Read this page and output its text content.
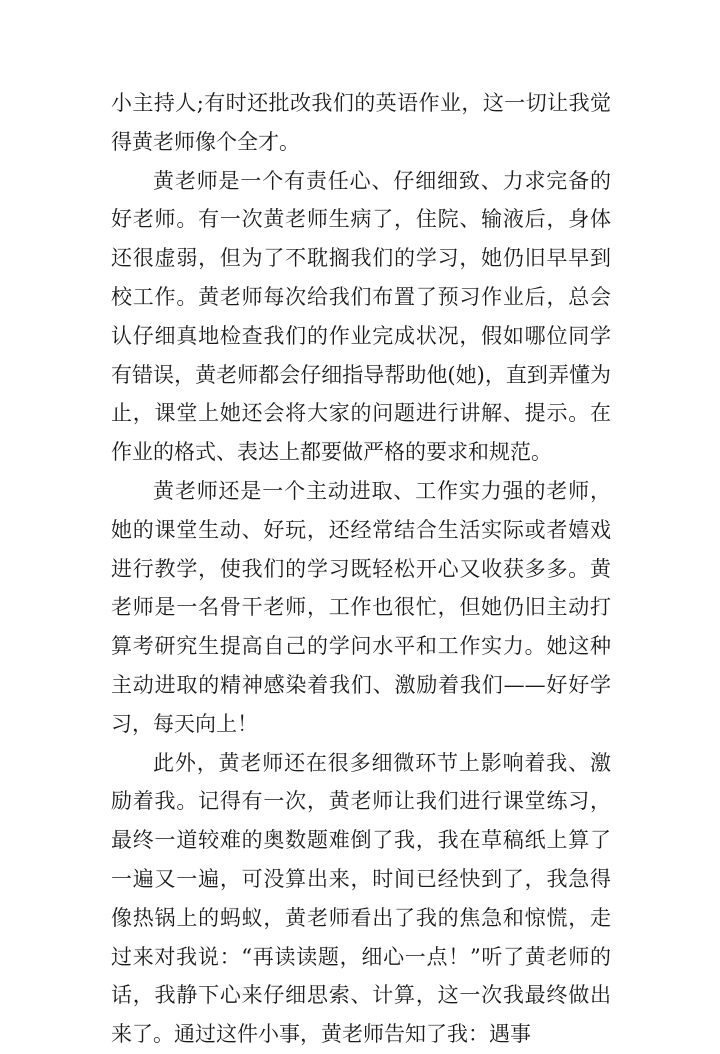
小主持人;有时还批改我们的英语作业，这一切让我觉得黄老师像个全才。

黄老师是一个有责任心、仔细细致、力求完备的好老师。有一次黄老师生病了，住院、输液后，身体还很虚弱，但为了不耽搁我们的学习，她仍旧早早到校工作。黄老师每次给我们布置了预习作业后，总会认仔细真地检查我们的作业完成状况，假如哪位同学有错误，黄老师都会仔细指导帮助他(她)，直到弄懂为止，课堂上她还会将大家的问题进行讲解、提示。在作业的格式、表达上都要做严格的要求和规范。

黄老师还是一个主动进取、工作实力强的老师，她的课堂生动、好玩，还经常结合生活实际或者嬉戏进行教学，使我们的学习既轻松开心又收获多多。黄老师是一名骨干老师，工作也很忙，但她仍旧主动打算考研究生提高自己的学问水平和工作实力。她这种主动进取的精神感染着我们、激励着我们——好好学习，每天向上！

此外，黄老师还在很多细微环节上影响着我、激励着我。记得有一次，黄老师让我们进行课堂练习，最终一道较难的奥数题难倒了我，我在草稿纸上算了一遍又一遍，可没算出来，时间已经快到了，我急得像热锅上的蚂蚁，黄老师看出了我的焦急和惊慌，走过来对我说：“再读读题，细心一点！”听了黄老师的话，我静下心来仔细思索、计算，这一次我最终做出来了。通过这件小事，黄老师告知了我：遇事
